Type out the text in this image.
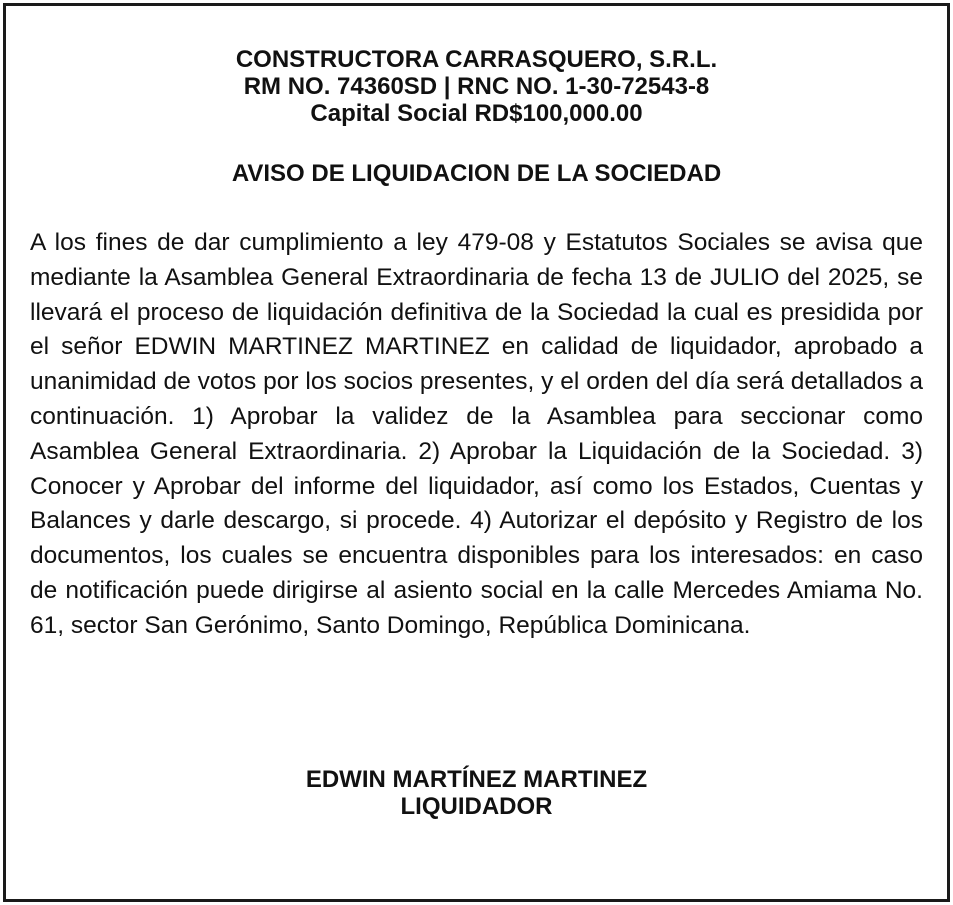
CONSTRUCTORA CARRASQUERO, S.R.L.
RM NO. 74360SD | RNC NO. 1-30-72543-8
Capital Social RD$100,000.00
AVISO DE LIQUIDACION DE LA SOCIEDAD

A los fines de dar cumplimiento a ley 479-08 y Estatutos Sociales se avisa que mediante la Asamblea General Extraordinaria de fecha 13 de JULIO del 2025, se llevará el proceso de liquidación definitiva de la Sociedad la cual es presidida por el señor EDWIN MARTINEZ MARTINEZ en calidad de liquidador, aprobado a unanimidad de votos por los socios presentes, y el orden del día será detallados a continuación. 1) Aprobar la validez de la Asamblea para seccionar como Asamblea General Extraordinaria. 2) Aprobar la Liquidación de la Sociedad. 3) Conocer y Aprobar del informe del liquidador, así como los Estados, Cuentas y Balances y darle descargo, si procede. 4) Autorizar el depósito y Registro de los documentos, los cuales se encuentra disponibles para los interesados: en caso de notificación puede dirigirse al asiento social en la calle Mercedes Amiama No. 61, sector San Gerónimo, Santo Domingo, República Dominicana.

EDWIN MARTÍNEZ MARTINEZ
LIQUIDADOR
